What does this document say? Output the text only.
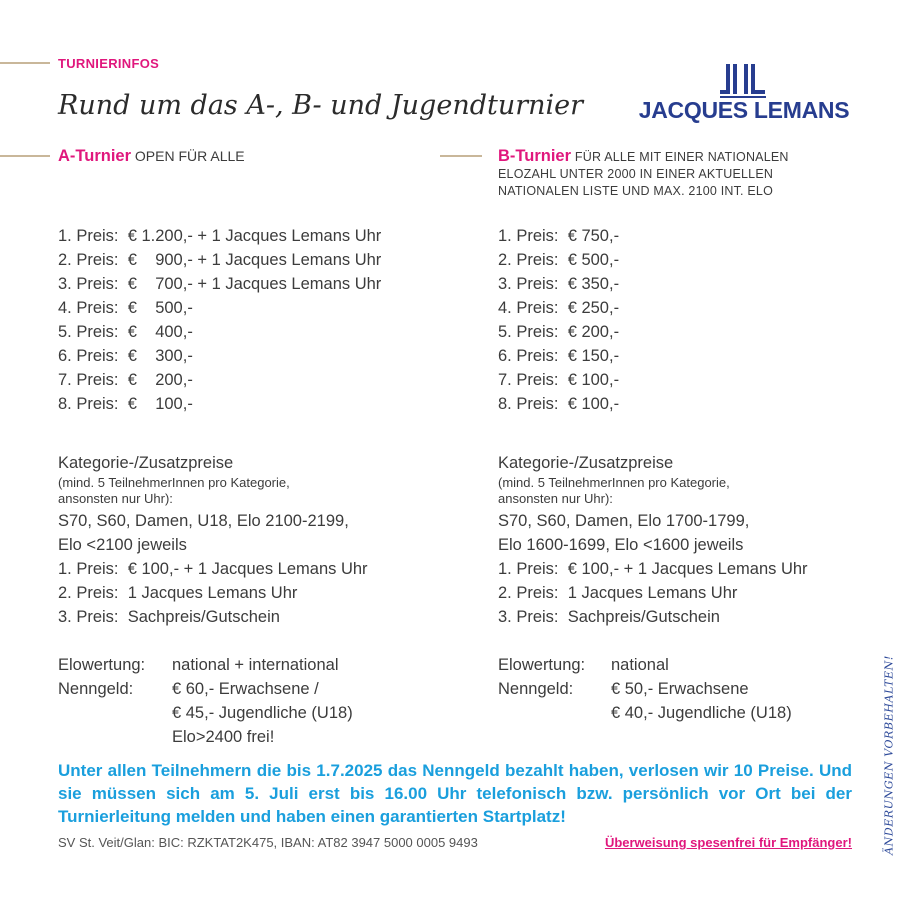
TURNIERINFOS
Rund um das A-, B- und Jugendturnier JACQUES LEMANS
A-Turnier OPEN FÜR ALLE
1. Preis:  € 1.200,- + 1 Jacques Lemans Uhr
2. Preis:  €    900,- + 1 Jacques Lemans Uhr
3. Preis:  €    700,- + 1 Jacques Lemans Uhr
4. Preis:  €    500,-
5. Preis:  €    400,-
6. Preis:  €    300,-
7. Preis:  €    200,-
8. Preis:  €    100,-
Kategorie-/Zusatzpreise
(mind. 5 TeilnehmerInnen pro Kategorie,
ansonsten nur Uhr):
S70, S60, Damen, U18, Elo 2100-2199,
Elo <2100 jeweils
1. Preis:  € 100,- + 1 Jacques Lemans Uhr
2. Preis:  1 Jacques Lemans Uhr
3. Preis:  Sachpreis/Gutschein
Elowertung:	national + international
Nenngeld:	€ 60,- Erwachsene /
€ 45,- Jugendliche (U18)
Elo>2400 frei!
B-Turnier FÜR ALLE MIT EINER NATIONALEN
ELOZAHL UNTER 2000 IN EINER AKTUELLEN
NATIONALEN LISTE UND MAX. 2100 INT. ELO
1. Preis:  € 750,-
2. Preis:  € 500,-
3. Preis:  € 350,-
4. Preis:  € 250,-
5. Preis:  € 200,-
6. Preis:  € 150,-
7. Preis:  € 100,-
8. Preis:  € 100,-
Kategorie-/Zusatzpreise
(mind. 5 TeilnehmerInnen pro Kategorie,
ansonsten nur Uhr):
S70, S60, Damen, Elo 1700-1799,
Elo 1600-1699, Elo <1600 jeweils
1. Preis:  € 100,- + 1 Jacques Lemans Uhr
2. Preis:  1 Jacques Lemans Uhr
3. Preis:  Sachpreis/Gutschein
Elowertung:	national
Nenngeld:	€ 50,- Erwachsene
€ 40,- Jugendliche (U18)
Unter allen Teilnehmern die bis 1.7.2025 das Nenngeld bezahlt haben, verlosen wir 10 Preise. Und sie müssen sich am 5. Juli erst bis 16.00 Uhr telefonisch bzw. persönlich vor Ort bei der Turnierleitung melden und haben einen garantierten Startplatz!
SV St. Veit/Glan: BIC: RZKTAT2K475, IBAN: AT82 3947 5000 0005 9493	Überweisung spesenfrei für Empfänger!	ÄNDERUNGEN VORBEHALTEN!
